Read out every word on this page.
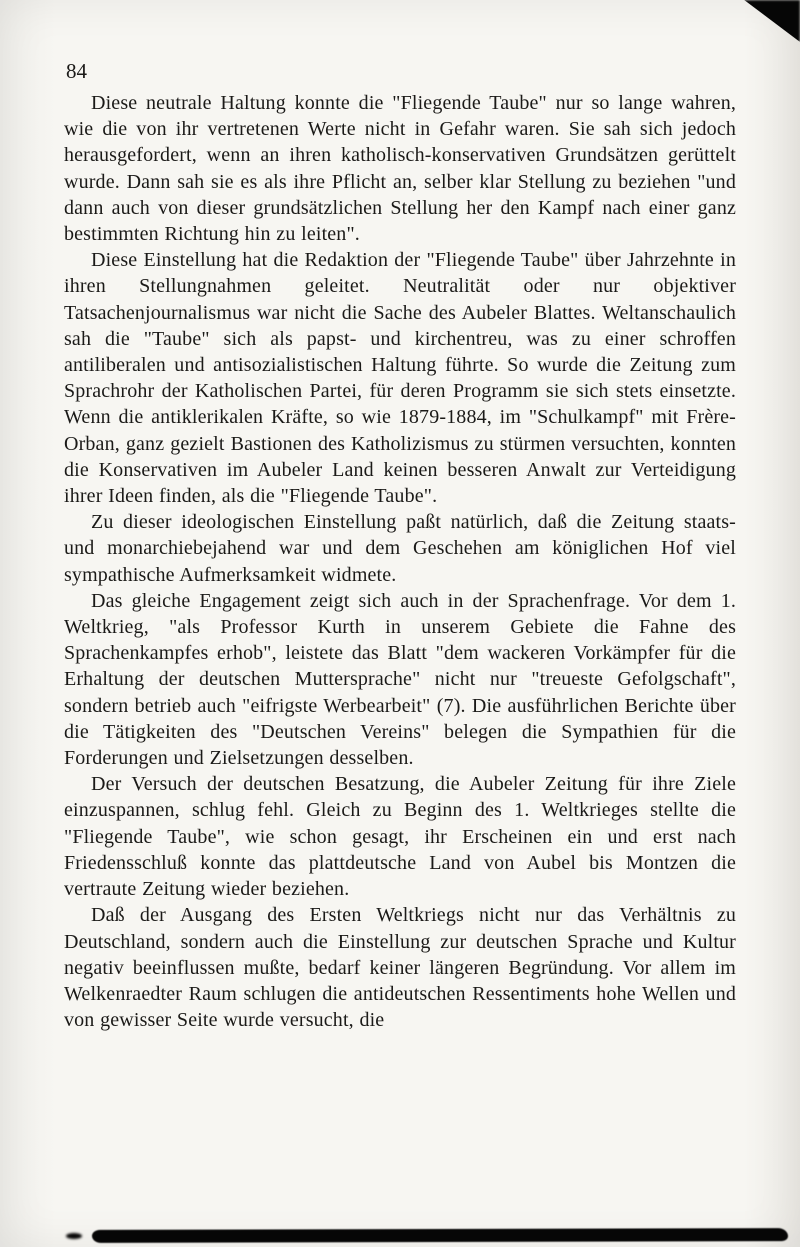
84

Diese neutrale Haltung konnte die "Fliegende Taube" nur so lange wahren, wie die von ihr vertretenen Werte nicht in Gefahr waren. Sie sah sich jedoch herausgefordert, wenn an ihren katholisch-konservativen Grundsätzen gerüttelt wurde. Dann sah sie es als ihre Pflicht an, selber klar Stellung zu beziehen "und dann auch von dieser grundsätzlichen Stellung her den Kampf nach einer ganz bestimmten Richtung hin zu leiten".

Diese Einstellung hat die Redaktion der "Fliegende Taube" über Jahrzehnte in ihren Stellungnahmen geleitet. Neutralität oder nur objektiver Tatsachenjournalismus war nicht die Sache des Aubeler Blattes. Weltanschaulich sah die "Taube" sich als papst- und kirchentreu, was zu einer schroffen antiliberalen und antisozialistischen Haltung führte. So wurde die Zeitung zum Sprachrohr der Katholischen Partei, für deren Programm sie sich stets einsetzte. Wenn die antiklerikalen Kräfte, so wie 1879-1884, im "Schulkampf" mit Frère-Orban, ganz gezielt Bastionen des Katholizismus zu stürmen versuchten, konnten die Konservativen im Aubeler Land keinen besseren Anwalt zur Verteidigung ihrer Ideen finden, als die "Fliegende Taube".

Zu dieser ideologischen Einstellung paßt natürlich, daß die Zeitung staats- und monarchiebejahend war und dem Geschehen am königlichen Hof viel sympathische Aufmerksamkeit widmete.

Das gleiche Engagement zeigt sich auch in der Sprachenfrage. Vor dem 1. Weltkrieg, "als Professor Kurth in unserem Gebiete die Fahne des Sprachenkampfes erhob", leistete das Blatt "dem wackeren Vorkämpfer für die Erhaltung der deutschen Muttersprache" nicht nur "treueste Gefolgschaft", sondern betrieb auch "eifrigste Werbearbeit" (7). Die ausführlichen Berichte über die Tätigkeiten des "Deutschen Vereins" belegen die Sympathien für die Forderungen und Zielsetzungen desselben.

Der Versuch der deutschen Besatzung, die Aubeler Zeitung für ihre Ziele einzuspannen, schlug fehl. Gleich zu Beginn des 1. Weltkrieges stellte die "Fliegende Taube", wie schon gesagt, ihr Erscheinen ein und erst nach Friedensschluß konnte das plattdeutsche Land von Aubel bis Montzen die vertraute Zeitung wieder beziehen.

Daß der Ausgang des Ersten Weltkriegs nicht nur das Verhältnis zu Deutschland, sondern auch die Einstellung zur deutschen Sprache und Kultur negativ beeinflussen mußte, bedarf keiner längeren Begründung. Vor allem im Welkenraedter Raum schlugen die antideutschen Ressentiments hohe Wellen und von gewisser Seite wurde versucht, die
